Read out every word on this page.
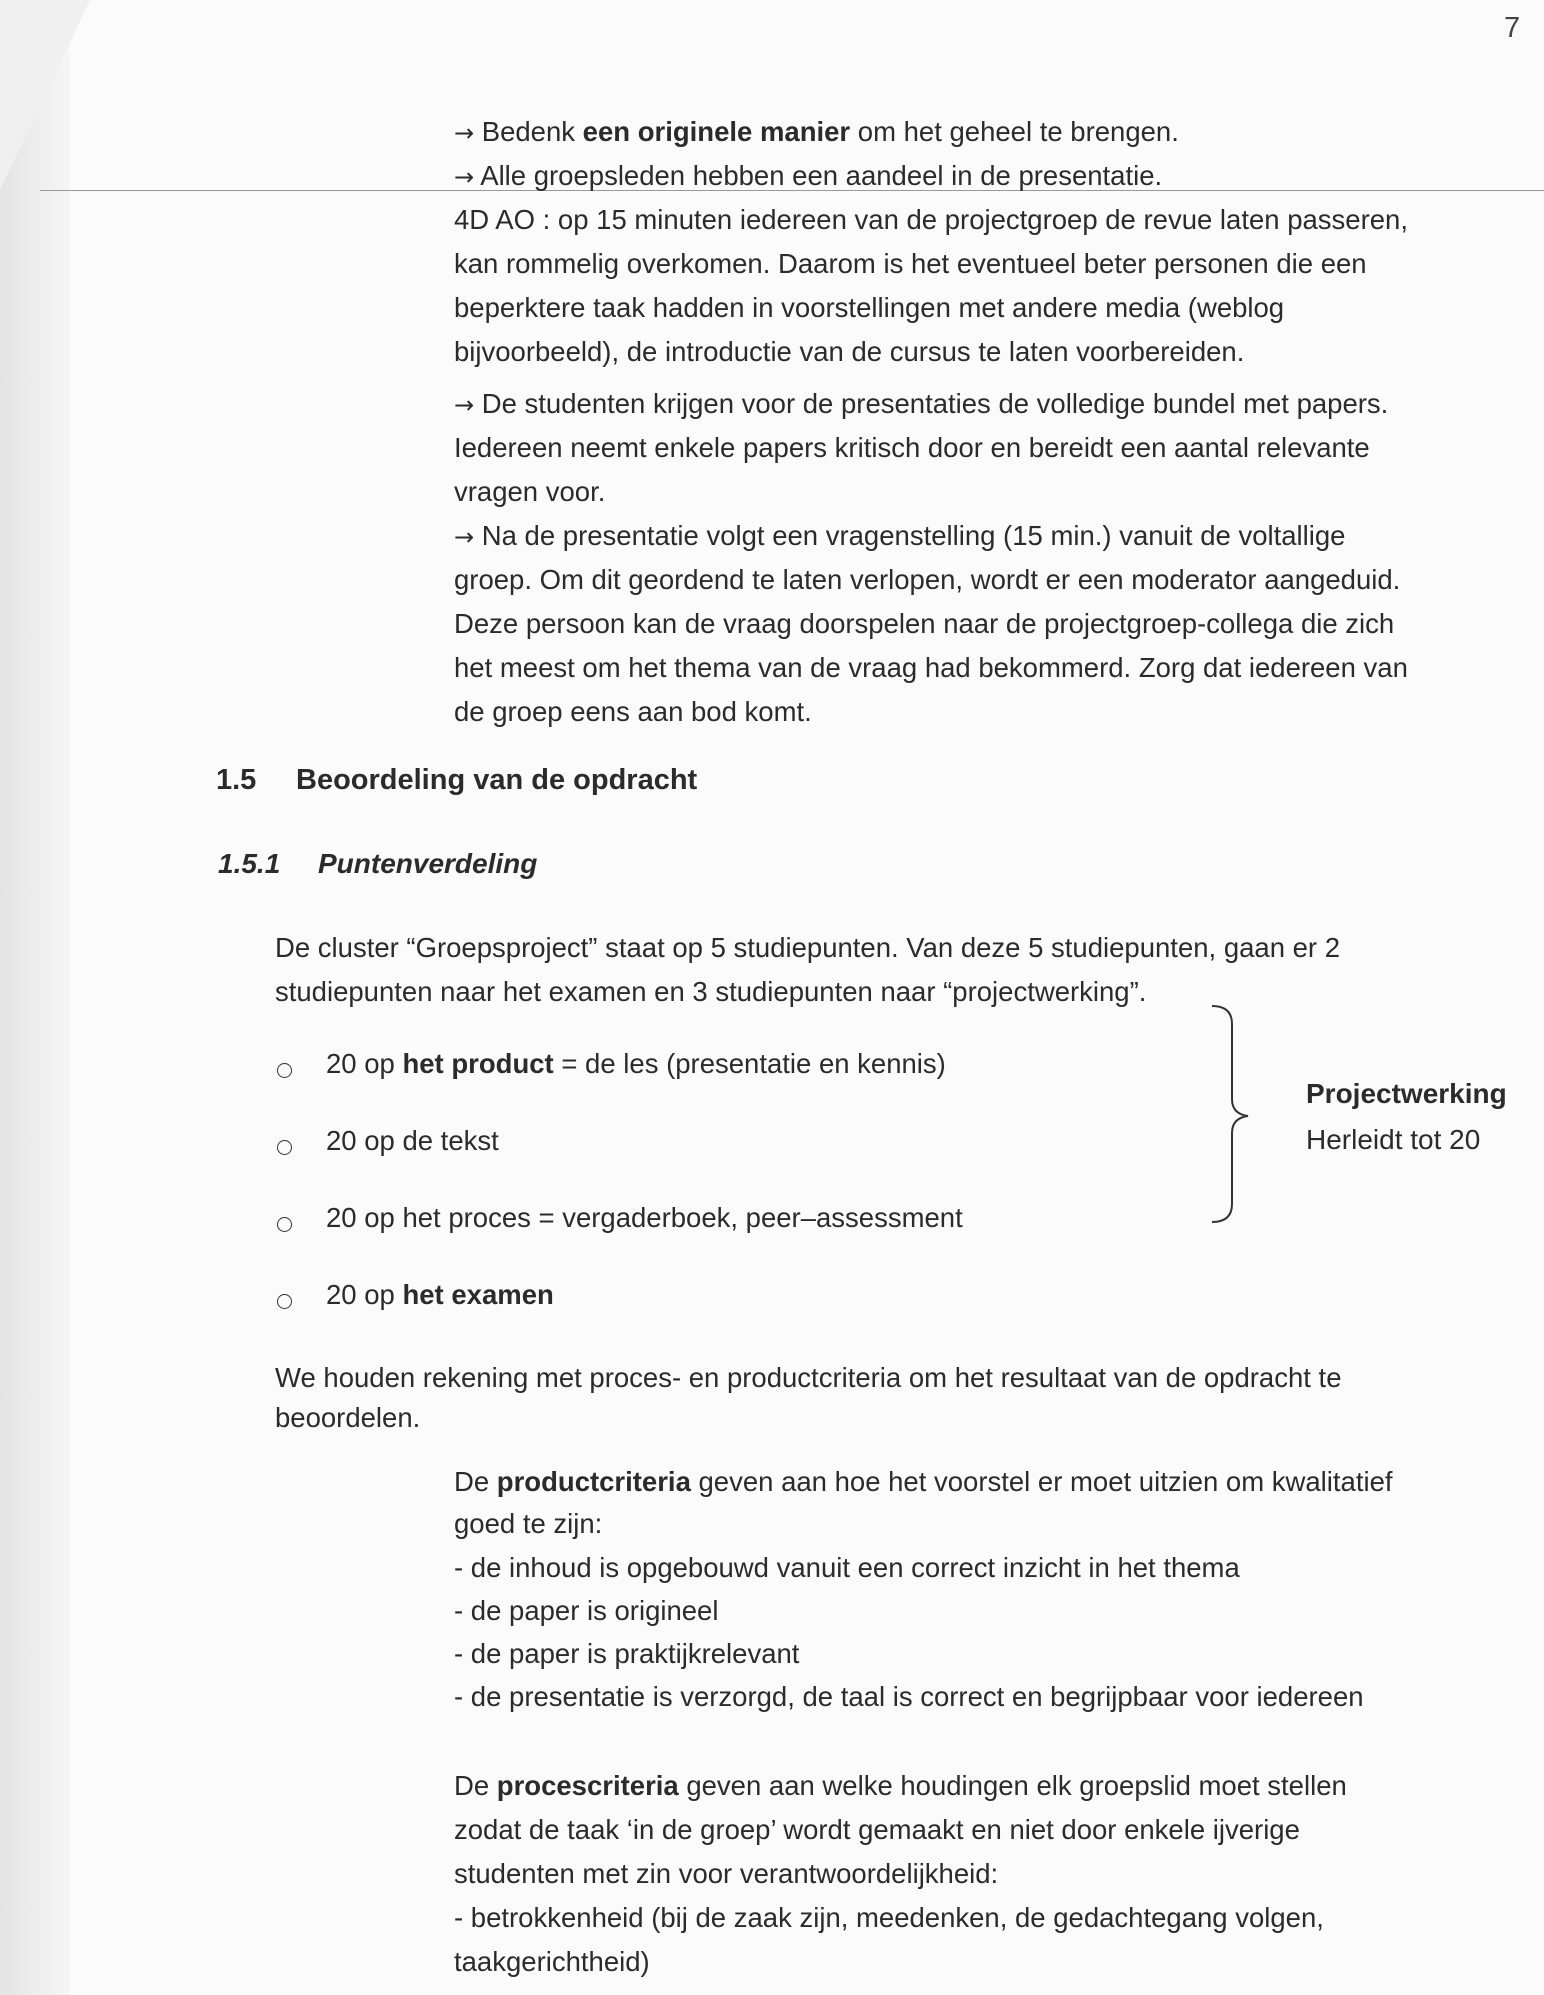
7
→ Bedenk een originele manier om het geheel te brengen.
→ Alle groepsleden hebben een aandeel in de presentatie.
4D AO : op 15 minuten iedereen van de projectgroep de revue laten passeren,
kan rommelig overkomen. Daarom is het eventueel beter personen die een
beperktere taak hadden in voorstellingen met andere media (weblog
bijvoorbeeld), de introductie van de cursus te laten voorbereiden.
→ De studenten krijgen voor de presentaties de volledige bundel met papers.
Iedereen neemt enkele papers kritisch door en bereidt een aantal relevante
vragen voor.
→ Na de presentatie volgt een vragenstelling (15 min.) vanuit de voltallige
groep. Om dit geordend te laten verlopen, wordt er een moderator aangeduid.
Deze persoon kan de vraag doorspelen naar de projectgroep-collega die zich
het meest om het thema van de vraag had bekommerd. Zorg dat iedereen van
de groep eens aan bod komt.
1.5 Beoordeling van de opdracht
1.5.1 Puntenverdeling
De cluster “Groepsproject” staat op 5 studiepunten. Van deze 5 studiepunten, gaan er 2
studiepunten naar het examen en 3 studiepunten naar “projectwerking”.
20 op het product = de les (presentatie en kennis)
20 op de tekst
20 op het proces = vergaderboek, peer–assessment
20 op het examen
Projectwerking
Herleidt tot 20
We houden rekening met proces- en productcriteria om het resultaat van de opdracht te
beoordelen.
De productcriteria geven aan hoe het voorstel er moet uitzien om kwalitatief
goed te zijn:
- de inhoud is opgebouwd vanuit een correct inzicht in het thema
- de paper is origineel
- de paper is praktijkrelevant
- de presentatie is verzorgd, de taal is correct en begrijpbaar voor iedereen
De procescriteria geven aan welke houdingen elk groepslid moet stellen
zodat de taak ‘in de groep’ wordt gemaakt en niet door enkele ijverige
studenten met zin voor verantwoordelijkheid:
- betrokkenheid (bij de zaak zijn, meedenken, de gedachtegang volgen,
taakgerichtheid)
